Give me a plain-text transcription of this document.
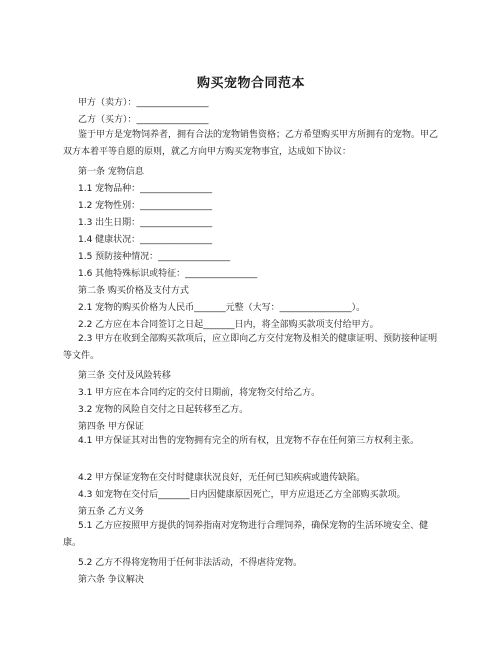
购买宠物合同范本
甲方（卖方）：________________
乙方（买方）：________________
鉴于甲方是宠物饲养者，拥有合法的宠物销售资格；乙方希望购买甲方所拥有的宠物。甲乙双方本着平等自愿的原则，就乙方向甲方购买宠物事宜，达成如下协议：
第一条 宠物信息
1.1 宠物品种：________________
1.2 宠物性别：________________
1.3 出生日期：________________
1.4 健康状况：________________
1.5 预防接种情况：________________
1.6 其他特殊标识或特征：________________
第二条 购买价格及支付方式
2.1 宠物的购买价格为人民币_______元整（大写：________________）。
2.2 乙方应在本合同签订之日起_______日内，将全部购买款项支付给甲方。
2.3 甲方在收到全部购买款项后，应立即向乙方交付宠物及相关的健康证明、预防接种证明等文件。
第三条 交付及风险转移
3.1 甲方应在本合同约定的交付日期前，将宠物交付给乙方。
3.2 宠物的风险自交付之日起转移至乙方。
第四条 甲方保证
4.1 甲方保证其对出售的宠物拥有完全的所有权，且宠物不存在任何第三方权利主张。
4.2 甲方保证宠物在交付时健康状况良好，无任何已知疾病或遗传缺陷。
4.3 如宠物在交付后_______日内因健康原因死亡，甲方应退还乙方全部购买款项。
第五条 乙方义务
5.1 乙方应按照甲方提供的饲养指南对宠物进行合理饲养，确保宠物的生活环境安全、健康。
5.2 乙方不得将宠物用于任何非法活动，不得虐待宠物。
第六条 争议解决
